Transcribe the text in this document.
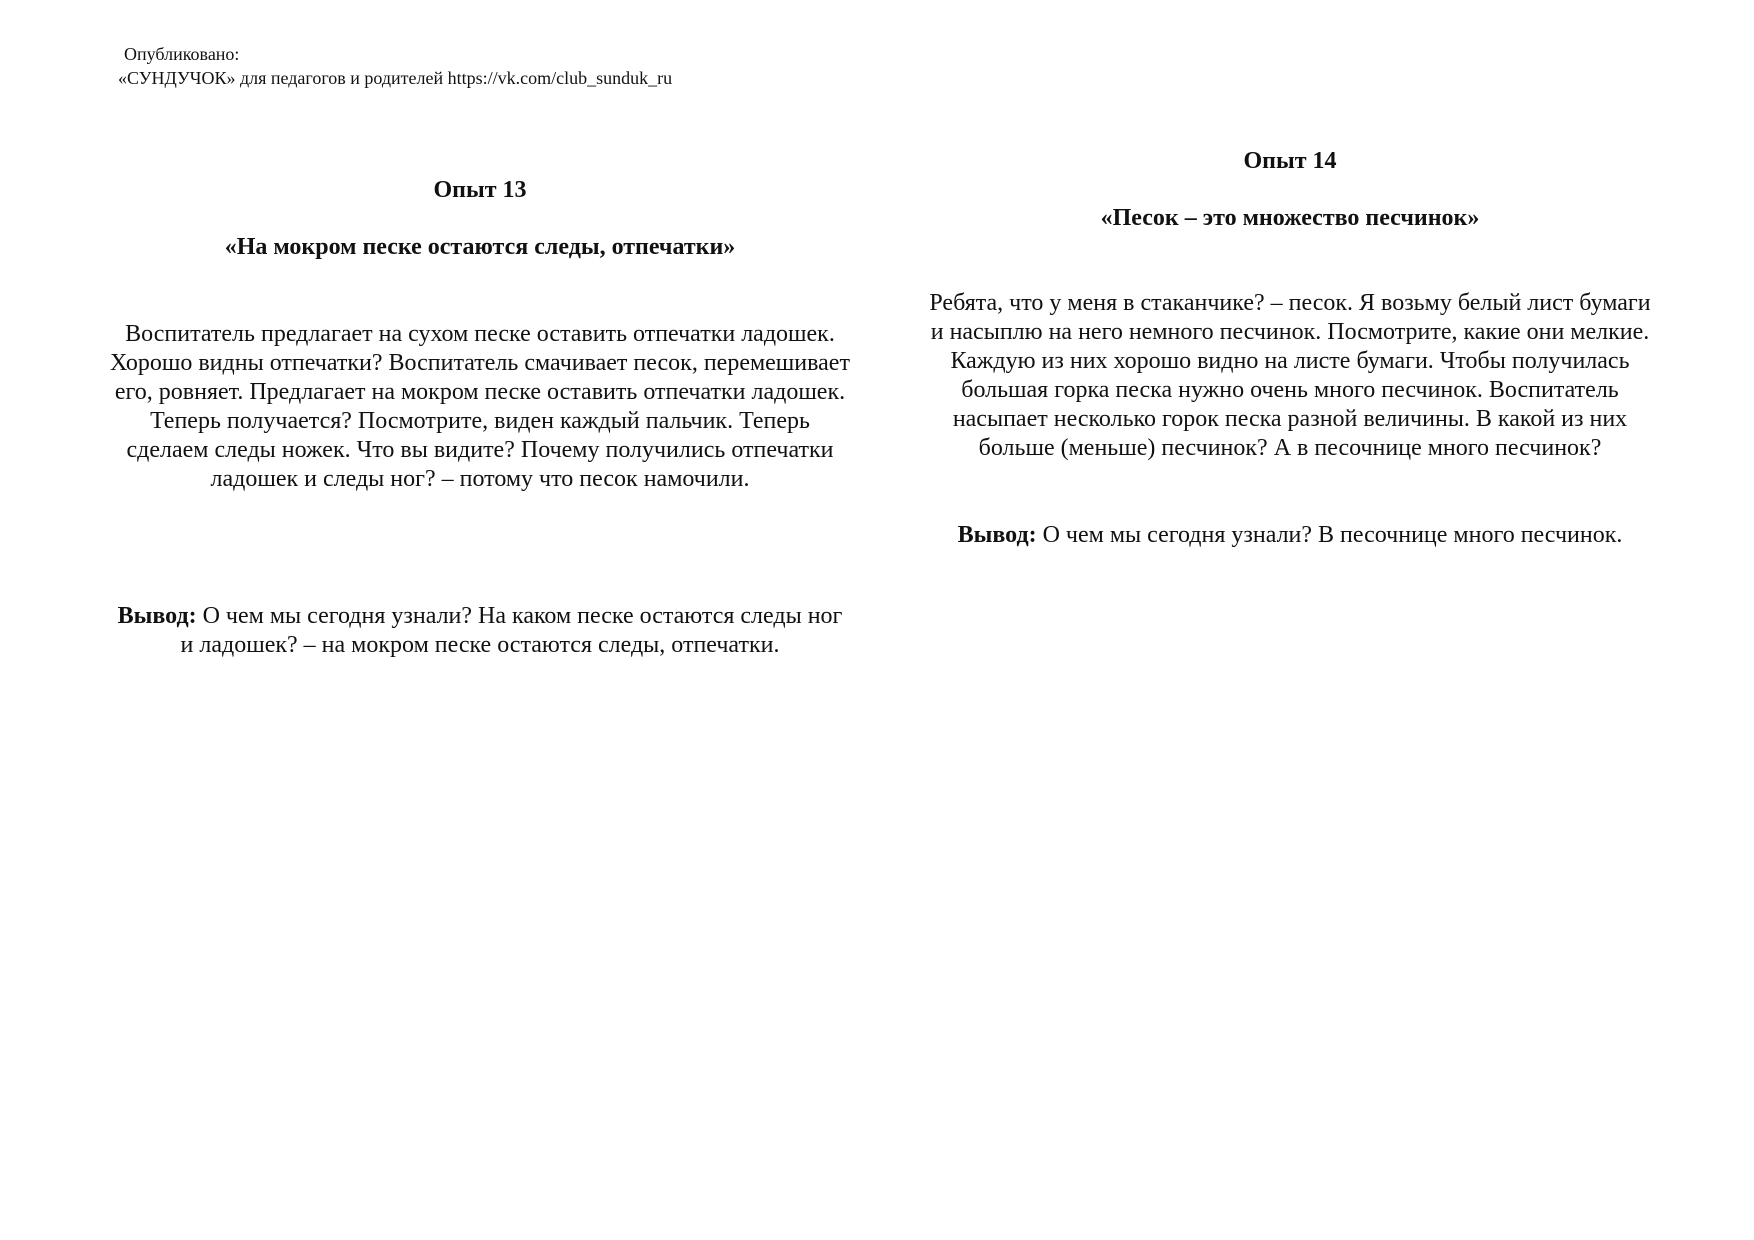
Опубликовано:
«СУНДУЧОК» для педагогов и родителей https://vk.com/club_sunduk_ru

Опыт 13

«На мокром песке остаются следы, отпечатки»

Воспитатель предлагает на сухом песке оставить отпечатки ладошек. Хорошо видны отпечатки? Воспитатель смачивает песок, перемешивает его, ровняет. Предлагает на мокром песке оставить отпечатки ладошек. Теперь получается? Посмотрите, виден каждый пальчик. Теперь сделаем следы ножек. Что вы видите? Почему получились отпечатки ладошек и следы ног? – потому что песок намочили.

Вывод: О чем мы сегодня узнали? На каком песке остаются следы ног и ладошек? – на мокром песке остаются следы, отпечатки.

Опыт 14

«Песок – это множество песчинок»

Ребята, что у меня в стаканчике? – песок. Я возьму белый лист бумаги и насыплю на него немного песчинок. Посмотрите, какие они мелкие. Каждую из них хорошо видно на листе бумаги. Чтобы получилась большая горка песка нужно очень много песчинок. Воспитатель насыпает несколько горок песка разной величины. В какой из них больше (меньше) песчинок? А в песочнице много песчинок?

Вывод: О чем мы сегодня узнали? В песочнице много песчинок.
